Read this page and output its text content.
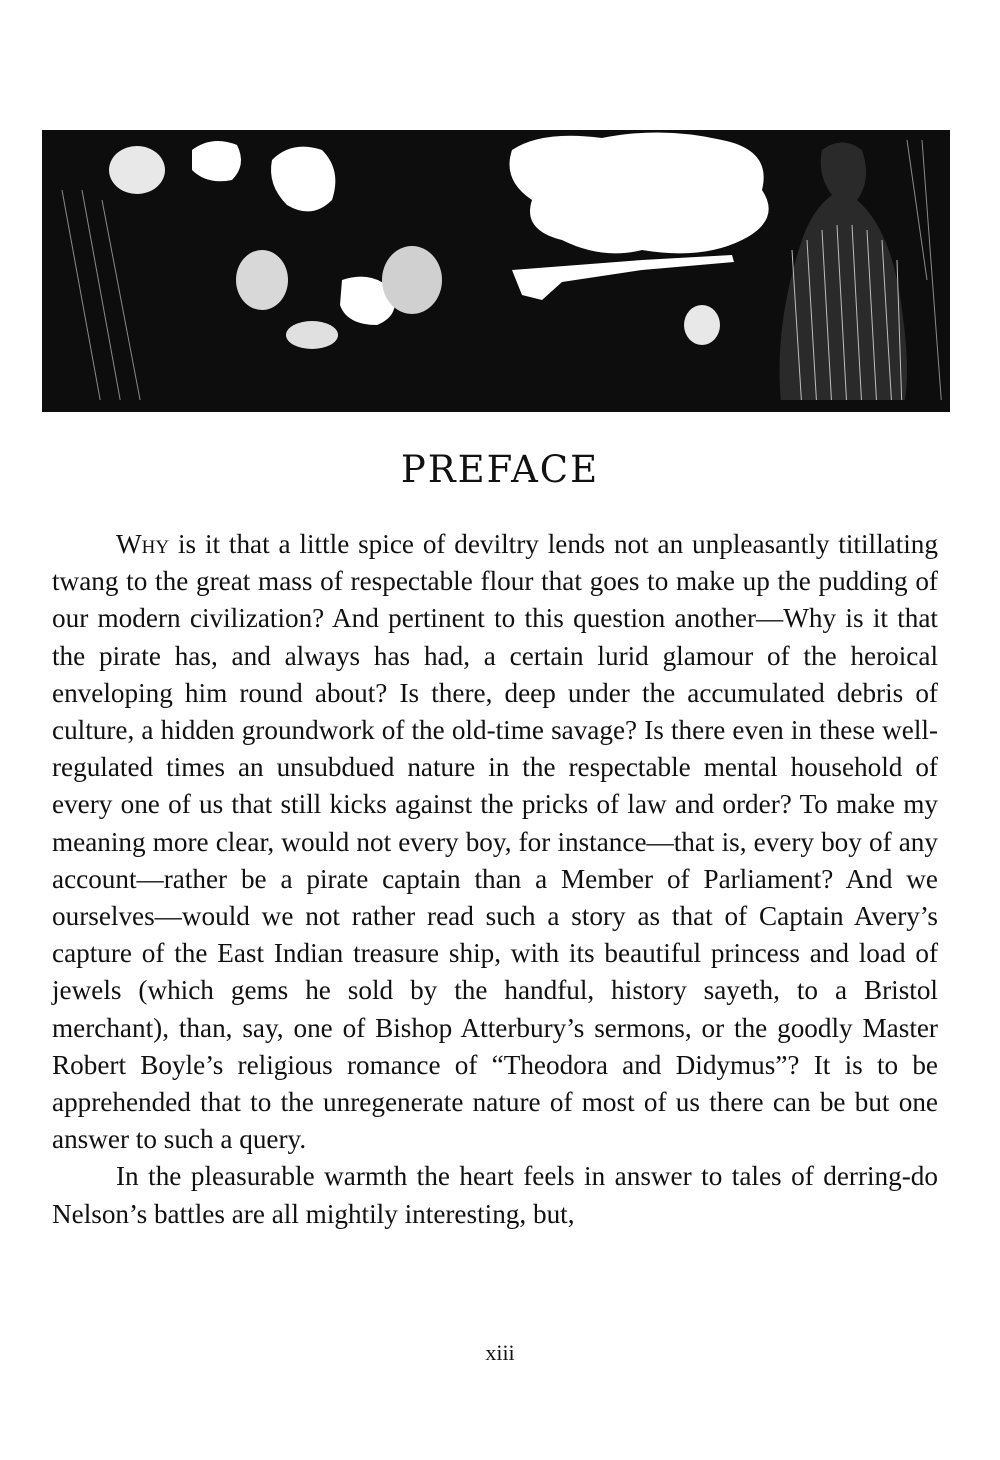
PREFACE

Why is it that a little spice of deviltry lends not an unpleasantly titillating twang to the great mass of respectable flour that goes to make up the pudding of our modern civilization? And pertinent to this question another—Why is it that the pirate has, and always has had, a certain lurid glamour of the heroical enveloping him round about? Is there, deep under the accumulated debris of culture, a hidden groundwork of the old-time savage? Is there even in these well-regulated times an unsubdued nature in the respectable mental household of every one of us that still kicks against the pricks of law and order? To make my meaning more clear, would not every boy, for instance—that is, every boy of any account—rather be a pirate captain than a Member of Parliament? And we ourselves—would we not rather read such a story as that of Captain Avery’s capture of the East Indian treasure ship, with its beautiful princess and load of jewels (which gems he sold by the handful, history sayeth, to a Bristol merchant), than, say, one of Bishop Atterbury’s sermons, or the goodly Master Robert Boyle’s religious romance of “Theodora and Didymus”? It is to be apprehended that to the unregenerate nature of most of us there can be but one answer to such a query.

In the pleasurable warmth the heart feels in answer to tales of derring-do Nelson’s battles are all mightily interesting, but,

xiii
